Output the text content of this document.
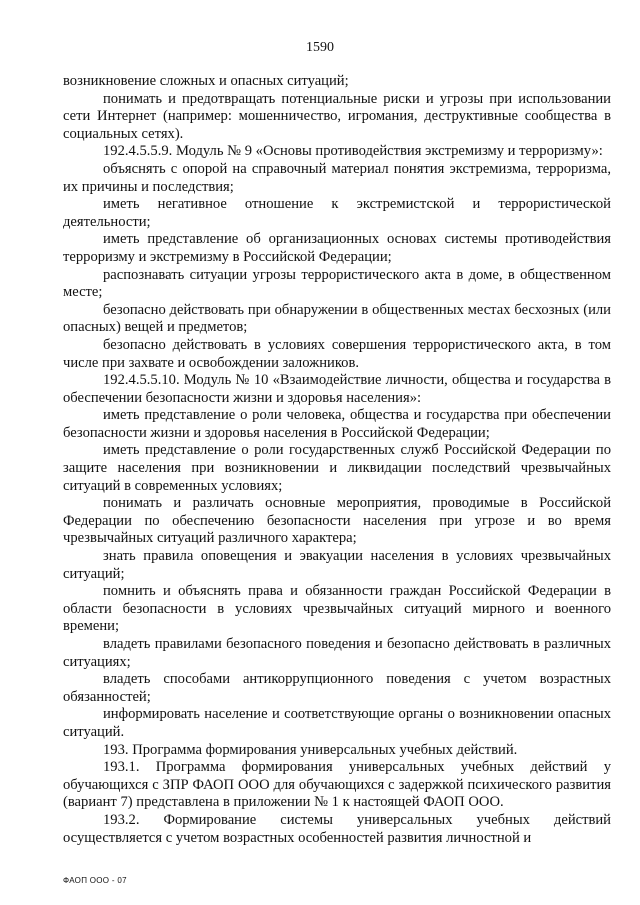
1590

возникновение сложных и опасных ситуаций;

понимать и предотвращать потенциальные риски и угрозы при использовании сети Интернет (например: мошенничество, игромания, деструктивные сообщества в социальных сетях).

192.4.5.5.9. Модуль № 9 «Основы противодействия экстремизму и терроризму»:

объяснять с опорой на справочный материал понятия экстремизма, терроризма, их причины и последствия;

иметь негативное отношение к экстремистской и террористической деятельности;

иметь представление об организационных основах системы противодействия терроризму и экстремизму в Российской Федерации;

распознавать ситуации угрозы террористического акта в доме, в общественном месте;

безопасно действовать при обнаружении в общественных местах бесхозных (или опасных) вещей и предметов;

безопасно действовать в условиях совершения террористического акта, в том числе при захвате и освобождении заложников.

192.4.5.5.10. Модуль № 10 «Взаимодействие личности, общества и государства в обеспечении безопасности жизни и здоровья населения»:

иметь представление о роли человека, общества и государства при обеспечении безопасности жизни и здоровья населения в Российской Федерации;

иметь представление о роли государственных служб Российской Федерации по защите населения при возникновении и ликвидации последствий чрезвычайных ситуаций в современных условиях;

понимать и различать основные мероприятия, проводимые в Российской Федерации по обеспечению безопасности населения при угрозе и во время чрезвычайных ситуаций различного характера;

знать правила оповещения и эвакуации населения в условиях чрезвычайных ситуаций;

помнить и объяснять права и обязанности граждан Российской Федерации в области безопасности в условиях чрезвычайных ситуаций мирного и военного времени;

владеть правилами безопасного поведения и безопасно действовать в различных ситуациях;

владеть способами антикоррупционного поведения с учетом возрастных обязанностей;

информировать население и соответствующие органы о возникновении опасных ситуаций.

193. Программа формирования универсальных учебных действий.

193.1. Программа формирования универсальных учебных действий у обучающихся с ЗПР ФАОП ООО для обучающихся с задержкой психического развития (вариант 7) представлена в приложении № 1 к настоящей ФАОП ООО.

193.2. Формирование системы универсальных учебных действий осуществляется с учетом возрастных особенностей развития личностной и

ФАОП ООО - 07
